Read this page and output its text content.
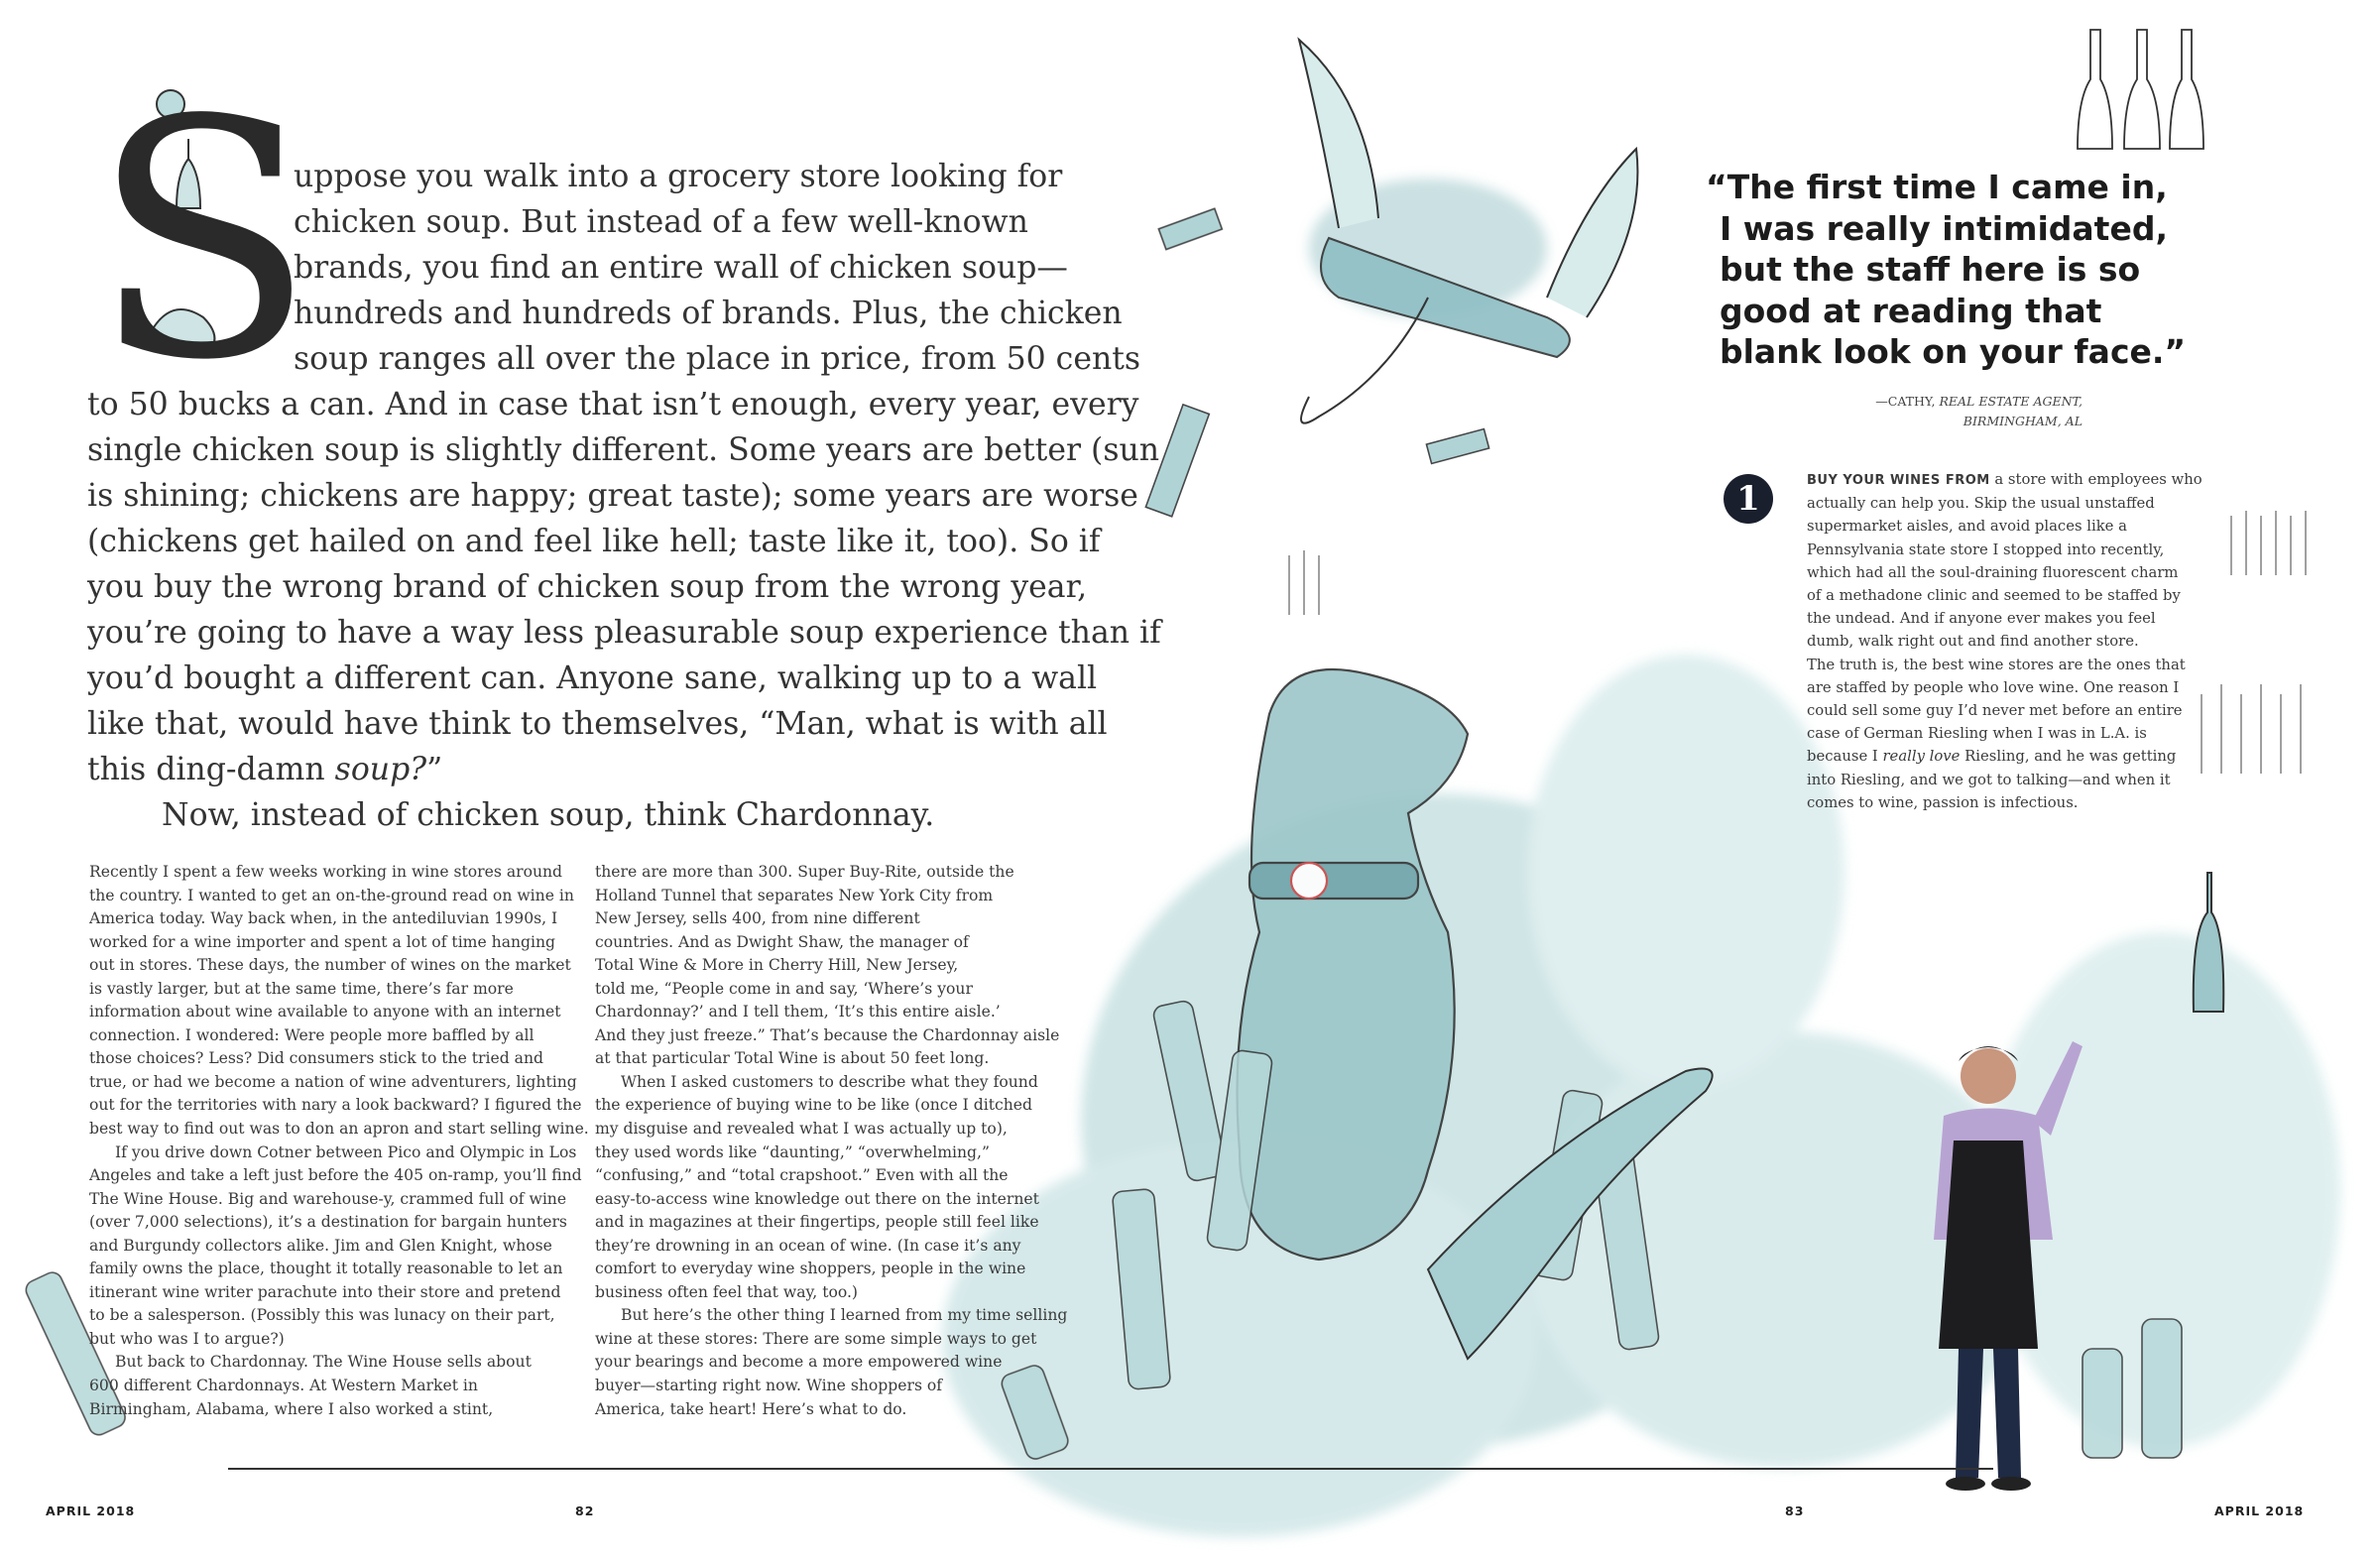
S
uppose you walk into a grocery store looking for
chicken soup. But instead of a few well-known
brands, you find an entire wall of chicken soup—
hundreds and hundreds of brands. Plus, the chicken
soup ranges all over the place in price, from 50 cents
to 50 bucks a can. And in case that isn’t enough, every year, every
single chicken soup is slightly different. Some years are better (sun
is shining; chickens are happy; great taste); some years are worse
(chickens get hailed on and feel like hell; taste like it, too). So if
you buy the wrong brand of chicken soup from the wrong year,
you’re going to have a way less pleasurable soup experience than if
you’d bought a different can. Anyone sane, walking up to a wall
like that, would have think to themselves, “Man, what is with all
this ding-damn soup?”
Now, instead of chicken soup, think Chardonnay.
Recently I spent a few weeks working in wine stores around
the country. I wanted to get an on-the-ground read on wine in
America today. Way back when, in the antediluvian 1990s, I
worked for a wine importer and spent a lot of time hanging
out in stores. These days, the number of wines on the market
is vastly larger, but at the same time, there’s far more
information about wine available to anyone with an internet
connection. I wondered: Were people more baffled by all
those choices? Less? Did consumers stick to the tried and
true, or had we become a nation of wine adventurers, lighting
out for the territories with nary a look backward? I figured the
best way to find out was to don an apron and start selling wine.
If you drive down Cotner between Pico and Olympic in Los
Angeles and take a left just before the 405 on-ramp, you’ll find
The Wine House. Big and warehouse-y, crammed full of wine
(over 7,000 selections), it’s a destination for bargain hunters
and Burgundy collectors alike. Jim and Glen Knight, whose
family owns the place, thought it totally reasonable to let an
itinerant wine writer parachute into their store and pretend
to be a salesperson. (Possibly this was lunacy on their part,
but who was I to argue?)
But back to Chardonnay. The Wine House sells about
600 different Chardonnays. At Western Market in
Birmingham, Alabama, where I also worked a stint,
there are more than 300. Super Buy-Rite, outside the
Holland Tunnel that separates New York City from
New Jersey, sells 400, from nine different
countries. And as Dwight Shaw, the manager of
Total Wine & More in Cherry Hill, New Jersey,
told me, “People come in and say, ‘Where’s your
Chardonnay?’ and I tell them, ‘It’s this entire aisle.’
And they just freeze.” That’s because the Chardonnay aisle
at that particular Total Wine is about 50 feet long.
When I asked customers to describe what they found
the experience of buying wine to be like (once I ditched
my disguise and revealed what I was actually up to),
they used words like “daunting,” “overwhelming,”
“confusing,” and “total crapshoot.” Even with all the
easy-to-access wine knowledge out there on the internet
and in magazines at their fingertips, people still feel like
they’re drowning in an ocean of wine. (In case it’s any
comfort to everyday wine shoppers, people in the wine
business often feel that way, too.)
But here’s the other thing I learned from my time selling
wine at these stores: There are some simple ways to get
your bearings and become a more empowered wine
buyer—starting right now. Wine shoppers of
America, take heart! Here’s what to do.
“The first time I came in,
I was really intimidated,
but the staff here is so
good at reading that
blank look on your face.”
—CATHY, REAL ESTATE AGENT,
BIRMINGHAM, AL
1	BUY YOUR WINES FROM a store with employees who
actually can help you. Skip the usual unstaffed
supermarket aisles, and avoid places like a
Pennsylvania state store I stopped into recently,
which had all the soul-draining fluorescent charm
of a methadone clinic and seemed to be staffed by
the undead. And if anyone ever makes you feel
dumb, walk right out and find another store.
The truth is, the best wine stores are the ones that
are staffed by people who love wine. One reason I
could sell some guy I’d never met before an entire
case of German Riesling when I was in L.A. is
because I really love Riesling, and he was getting
into Riesling, and we got to talking—and when it
comes to wine, passion is infectious.
APRIL 2018	82	83	APRIL 2018
